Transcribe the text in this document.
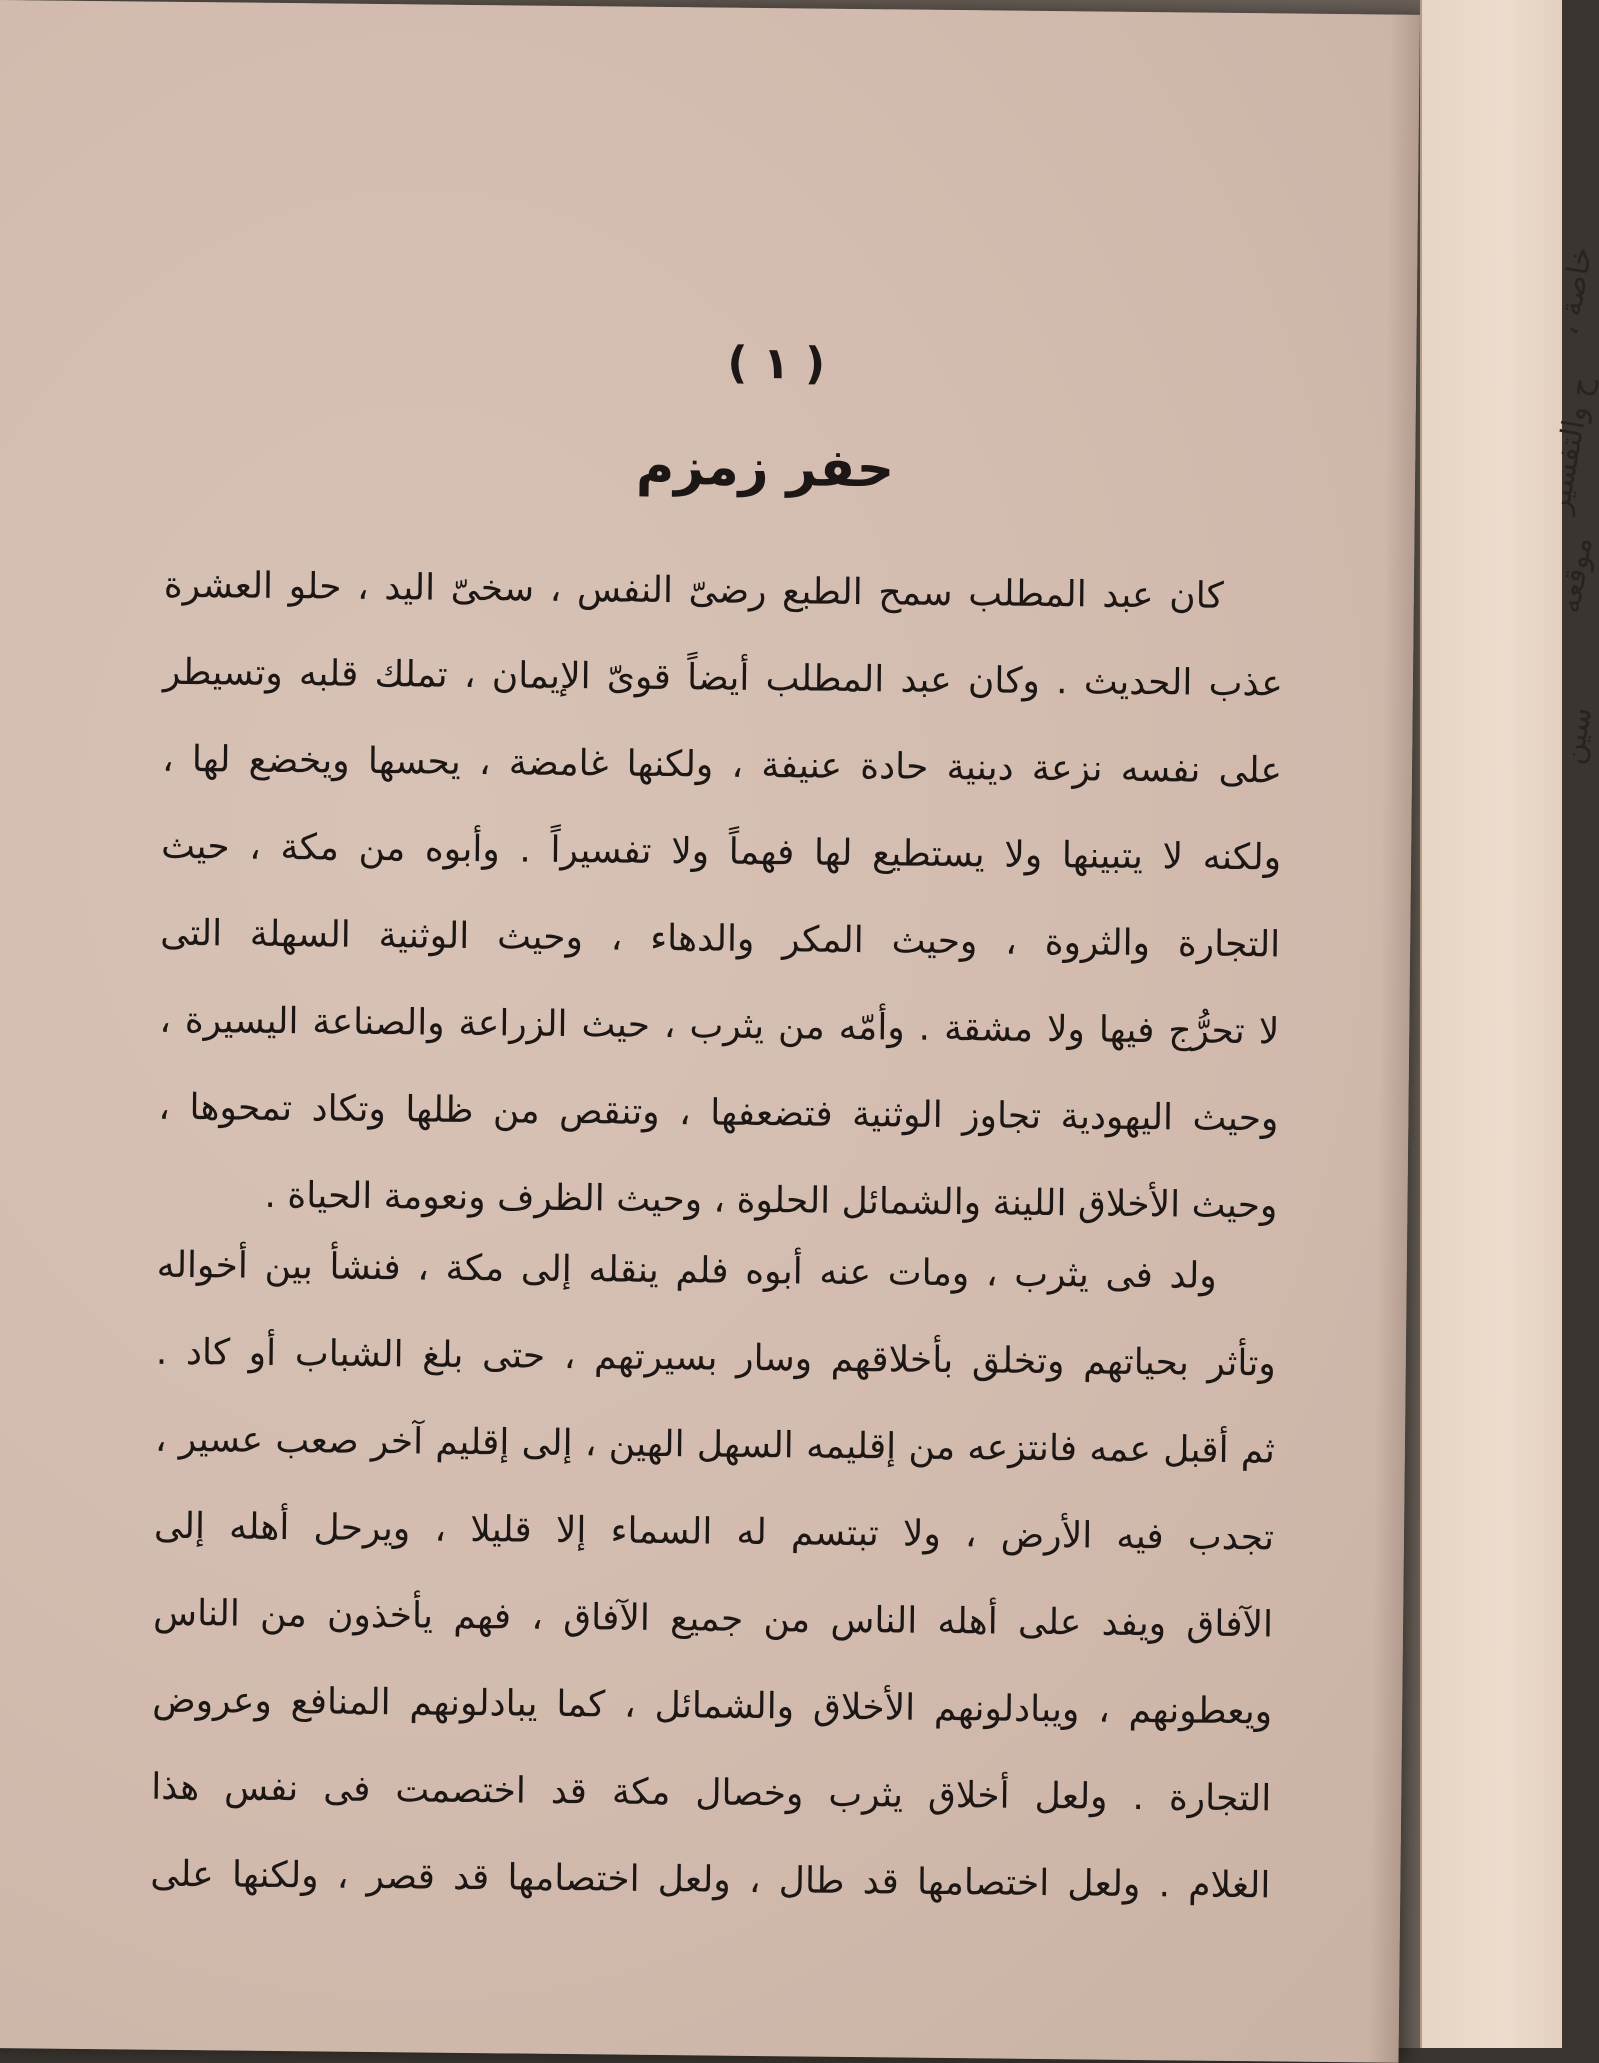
( ١ )
حفر زمزم
كان عبد المطلب سمح الطبع رضىّ النفس ، سخىّ اليد ، حلو العشرة
عذب الحديث . وكان عبد المطلب أيضاً قوىّ الإيمان ، تملك قلبه وتسيطر
على نفسه نزعة دينية حادة عنيفة ، ولكنها غامضة ، يحسها ويخضع لها ،
ولكنه لا يتبينها ولا يستطيع لها فهماً ولا تفسيراً . وأبوه من مكة ، حيث
التجارة والثروة ، وحيث المكر والدهاء ، وحيث الوثنية السهلة التى
لا تحرُّج فيها ولا مشقة . وأمّه من يثرب ، حيث الزراعة والصناعة اليسيرة ،
وحيث اليهودية تجاوز الوثنية فتضعفها ، وتنقص من ظلها وتكاد تمحوها ،
وحيث الأخلاق اللينة والشمائل الحلوة ، وحيث الظرف ونعومة الحياة .
ولد فى يثرب ، ومات عنه أبوه فلم ينقله إلى مكة ، فنشأ بين أخواله
وتأثر بحياتهم وتخلق بأخلاقهم وسار بسيرتهم ، حتى بلغ الشباب أو كاد .
ثم أقبل عمه فانتزعه من إقليمه السهل الهين ، إلى إقليم آخر صعب عسير ،
تجدب فيه الأرض ، ولا تبتسم له السماء إلا قليلا ، ويرحل أهله إلى
الآفاق ويفد على أهله الناس من جميع الآفاق ، فهم يأخذون من الناس
ويعطونهم ، ويبادلونهم الأخلاق والشمائل ، كما يبادلونهم المنافع وعروض
التجارة . ولعل أخلاق يثرب وخصال مكة قد اختصمت فى نفس هذا
الغلام . ولعل اختصامها قد طال ، ولعل اختصامها قد قصر ، ولكنها على
خاصة ،
ح والتفسير
موقعه
سين
